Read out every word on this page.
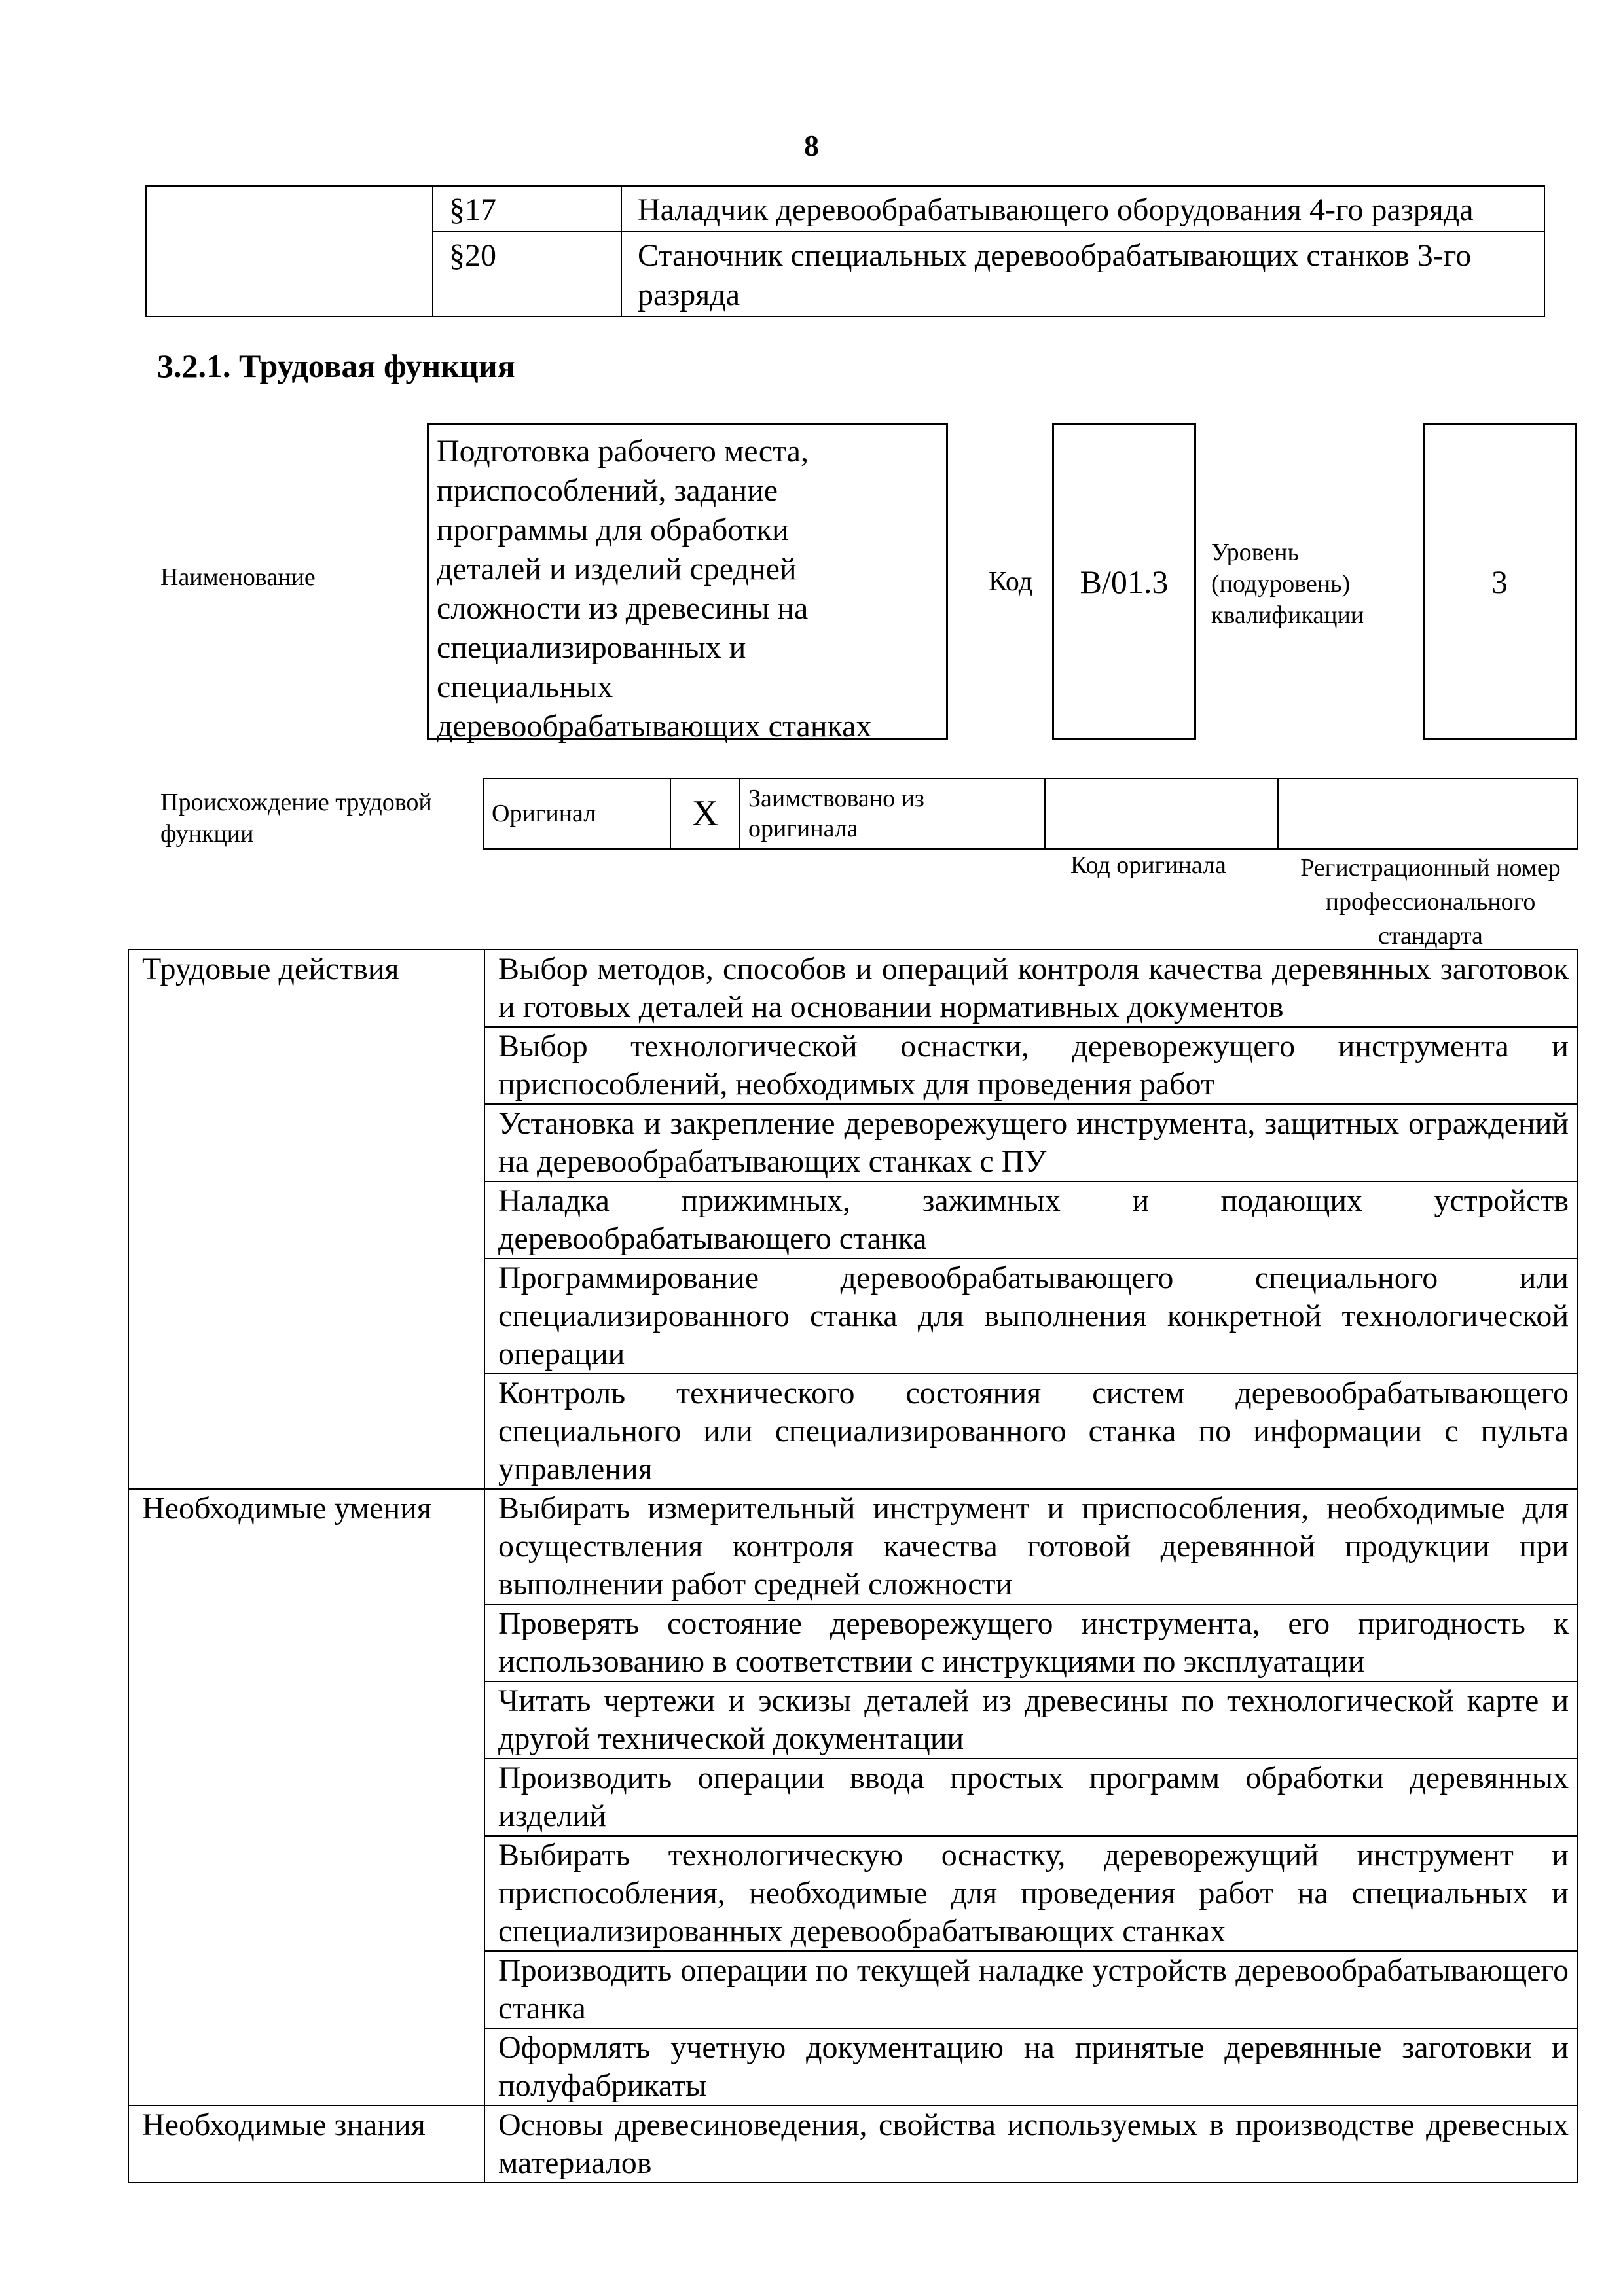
8
	§17	Наладчик деревообрабатывающего оборудования 4-го разряда
	§20	Станочник специальных деревообрабатывающих станков 3-го разряда
3.2.1. Трудовая функция
Наименование
Подготовка рабочего места,
приспособлений, задание
программы для обработки
деталей и изделий средней
сложности из древесины на
специализированных и
специальных
деревообрабатывающих станках
Код	В/01.3
Уровень
(подуровень)
квалификации
3
Происхождение трудовой
функции
Оригинал	Х	Заимствовано из
оригинала

Код оригинала	Регистрационный номер
профессионального
стандарта
Трудовые действия	Выбор методов, способов и операций контроля качества деревянных заготовок и готовых деталей на основании нормативных документов
	Выбор технологической оснастки, дереворежущего инструмента и приспособлений, необходимых для проведения работ
	Установка и закрепление дереворежущего инструмента, защитных ограждений на деревообрабатывающих станках с ПУ
	Наладка прижимных, зажимных и подающих устройств деревообрабатывающего станка
	Программирование деревообрабатывающего специального или специализированного станка для выполнения конкретной технологической операции
	Контроль технического состояния систем деревообрабатывающего специального или специализированного станка по информации с пульта управления
Необходимые умения	Выбирать измерительный инструмент и приспособления, необходимые для осуществления контроля качества готовой деревянной продукции при выполнении работ средней сложности
	Проверять состояние дереворежущего инструмента, его пригодность к использованию в соответствии с инструкциями по эксплуатации
	Читать чертежи и эскизы деталей из древесины по технологической карте и другой технической документации
	Производить операции ввода простых программ обработки деревянных изделий
	Выбирать технологическую оснастку, дереворежущий инструмент и приспособления, необходимые для проведения работ на специальных и специализированных деревообрабатывающих станках
	Производить операции по текущей наладке устройств деревообрабатывающего станка
	Оформлять учетную документацию на принятые деревянные заготовки и полуфабрикаты
Необходимые знания	Основы древесиноведения, свойства используемых в производстве древесных материалов
